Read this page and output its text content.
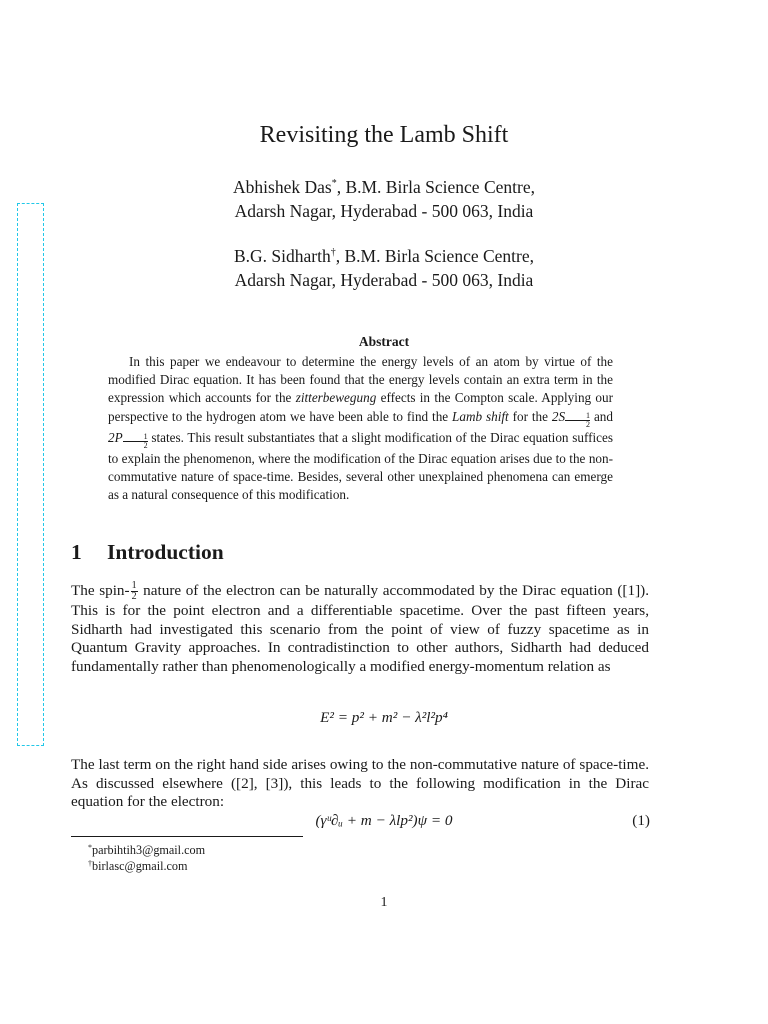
Revisiting the Lamb Shift
Abhishek Das*, B.M. Birla Science Centre,
Adarsh Nagar, Hyderabad - 500 063, India
B.G. Sidharth†, B.M. Birla Science Centre,
Adarsh Nagar, Hyderabad - 500 063, India
Abstract

In this paper we endeavour to determine the energy levels of an atom by virtue of the modified Dirac equation. It has been found that the energy levels contain an extra term in the expression which accounts for the zitterbewegung effects in the Compton scale. Applying our perspective to the hydrogen atom we have been able to find the Lamb shift for the $2S \frac{1}{2}$ and $2P \frac{1}{2}$ states. This result substantiates that a slight modification of the Dirac equation suffices to explain the phenomenon, where the modification of the Dirac equation arises due to the non-commutative nature of space-time. Besides, several other unexplained phenomena can emerge as a natural consequence of this modification.

1 Introduction

The spin- $\frac{1}{2}$ nature of the electron can be naturally accommodated by the Dirac equation ([1]). This is for the point electron and a differentiable spacetime. Over the past fifteen years, Sidharth had investigated this scenario from the point of view of fuzzy spacetime as in Quantum Gravity approaches. In contradistinction to other authors, Sidharth had deduced fundamentally rather than phenomenologically a modified energy-momentum relation as

E² = p² + m² − λ²l²p⁴

The last term on the right hand side arises owing to the non-commutative nature of space-time. As discussed elsewhere ([2], [3]), this leads to the following modification in the Dirac equation for the electron:

(γᵘ∂ᵤ + m − λlp²)ψ = 0	(1)
*parbihtih3@gmail.com
†birlasc@gmail.com
1
